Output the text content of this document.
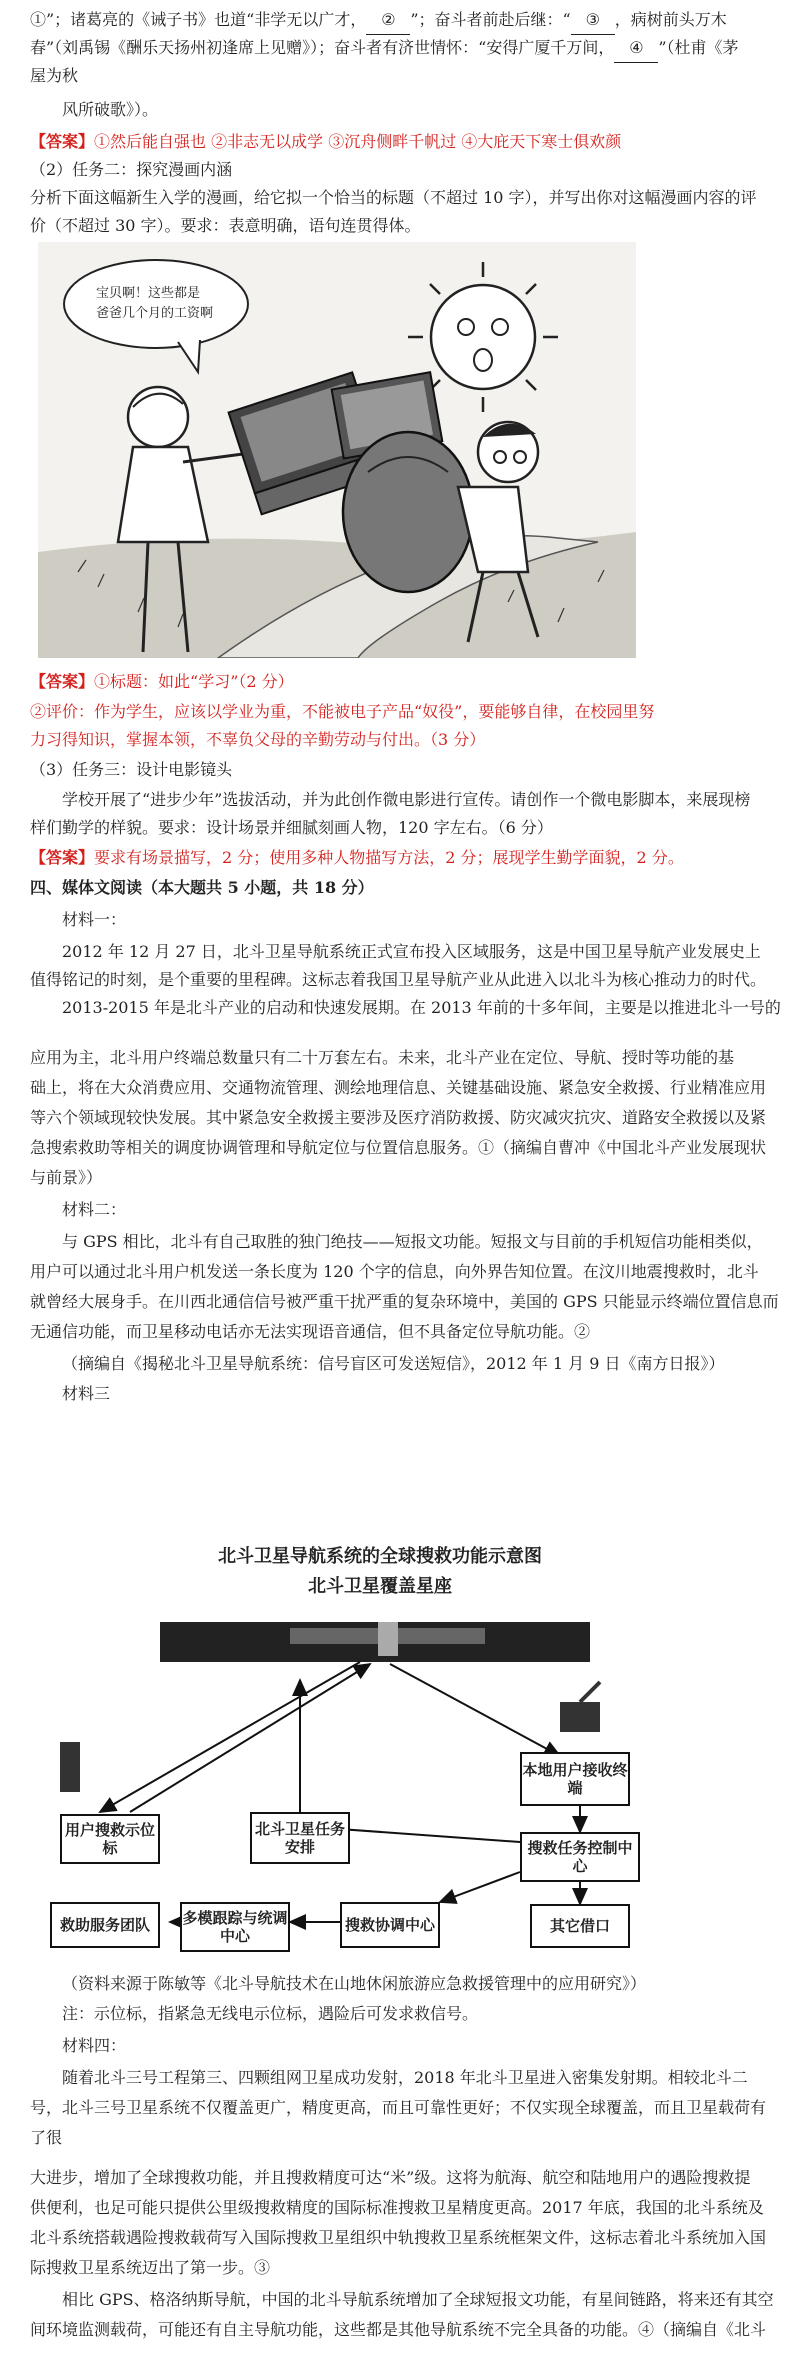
①”；诸葛亮的《诫子书》也道“非学无以广才， ② ”；奋斗者前赴后继：“ ③ ，病树前头万木
春”（刘禹锡《酬乐天扬州初逢席上见赠》）；奋斗者有济世情怀：“安得广厦千万间， ④ ”（杜甫《茅
屋为秋
风所破歌》）。
【答案】①然后能自强也 ②非志无以成学 ③沉舟侧畔千帆过 ④大庇天下寒士俱欢颜
（2）任务二：探究漫画内涵
分析下面这幅新生入学的漫画，给它拟一个恰当的标题（不超过 10 字），并写出你对这幅漫画内容的评
价（不超过 30 字）。要求：表意明确，语句连贯得体。
宝贝啊！这些都是 爸爸几个月的工资啊
【答案】①标题：如此“学习”（2 分）
②评价：作为学生，应该以学业为重，不能被电子产品“奴役”，要能够自律，在校园里努
力习得知识，掌握本领，不辜负父母的辛勤劳动与付出。（3 分）
（3）任务三：设计电影镜头
学校开展了“进步少年”选拔活动，并为此创作微电影进行宣传。请创作一个微电影脚本，来展现榜
样们勤学的样貌。要求：设计场景并细腻刻画人物，120 字左右。（6 分）
【答案】要求有场景描写，2 分；使用多种人物描写方法，2 分；展现学生勤学面貌，2 分。
四、媒体文阅读（本大题共 5 小题，共 18 分）
材料一：
2012 年 12 月 27 日，北斗卫星导航系统正式宣布投入区域服务，这是中国卫星导航产业发展史上
值得铭记的时刻，是个重要的里程碑。这标志着我国卫星导航产业从此进入以北斗为核心推动力的时代。
2013-2015 年是北斗产业的启动和快速发展期。在 2013 年前的十多年间，主要是以推进北斗一号的
应用为主，北斗用户终端总数量只有二十万套左右。未来，北斗产业在定位、导航、授时等功能的基
础上，将在大众消费应用、交通物流管理、测绘地理信息、关键基础设施、紧急安全救援、行业精准应用
等六个领域现较快发展。其中紧急安全救援主要涉及医疗消防救援、防灾减灾抗灾、道路安全救援以及紧
急搜索救助等相关的调度协调管理和导航定位与位置信息服务。①（摘编自曹冲《中国北斗产业发展现状
与前景》）
材料二：
与 GPS 相比，北斗有自己取胜的独门绝技——短报文功能。短报文与目前的手机短信功能相类似，
用户可以通过北斗用户机发送一条长度为 120 个字的信息，向外界告知位置。在汶川地震搜救时，北斗
就曾经大展身手。在川西北通信信号被严重干扰严重的复杂环境中，美国的 GPS 只能显示终端位置信息而
无通信功能，而卫星移动电话亦无法实现语音通信，但不具备定位导航功能。②
（摘编自《揭秘北斗卫星导航系统：信号盲区可发送短信》，2012 年 1 月 9 日《南方日报》）
材料三
北斗卫星导航系统的全球搜救功能示意图
北斗卫星覆盖星座
本地用户接收终端
用户搜救示位标
北斗卫星任务安排	搜救任务控制中心
救助服务团队	多模跟踪与统调中心
搜救协调中心	其它借口
（资料来源于陈敏等《北斗导航技术在山地休闲旅游应急救援管理中的应用研究》）
注：示位标，指紧急无线电示位标，遇险后可发求救信号。
材料四：
随着北斗三号工程第三、四颗组网卫星成功发射，2018 年北斗卫星进入密集发射期。相较北斗二
号，北斗三号卫星系统不仅覆盖更广，精度更高，而且可靠性更好；不仅实现全球覆盖，而且卫星载荷有
了很
大进步，增加了全球搜救功能，并且搜救精度可达“米”级。这将为航海、航空和陆地用户的遇险搜救提
供便利，也足可能只提供公里级搜救精度的国际标准搜救卫星精度更高。2017 年底，我国的北斗系统及
北斗系统搭载遇险搜救载荷写入国际搜救卫星组织中轨搜救卫星系统框架文件，这标志着北斗系统加入国
际搜救卫星系统迈出了第一步。③
相比 GPS、格洛纳斯导航，中国的北斗导航系统增加了全球短报文功能，有星间链路，将来还有其空
间环境监测载荷，可能还有自主导航功能，这些都是其他导航系统不完全具备的功能。④（摘编自《北斗
